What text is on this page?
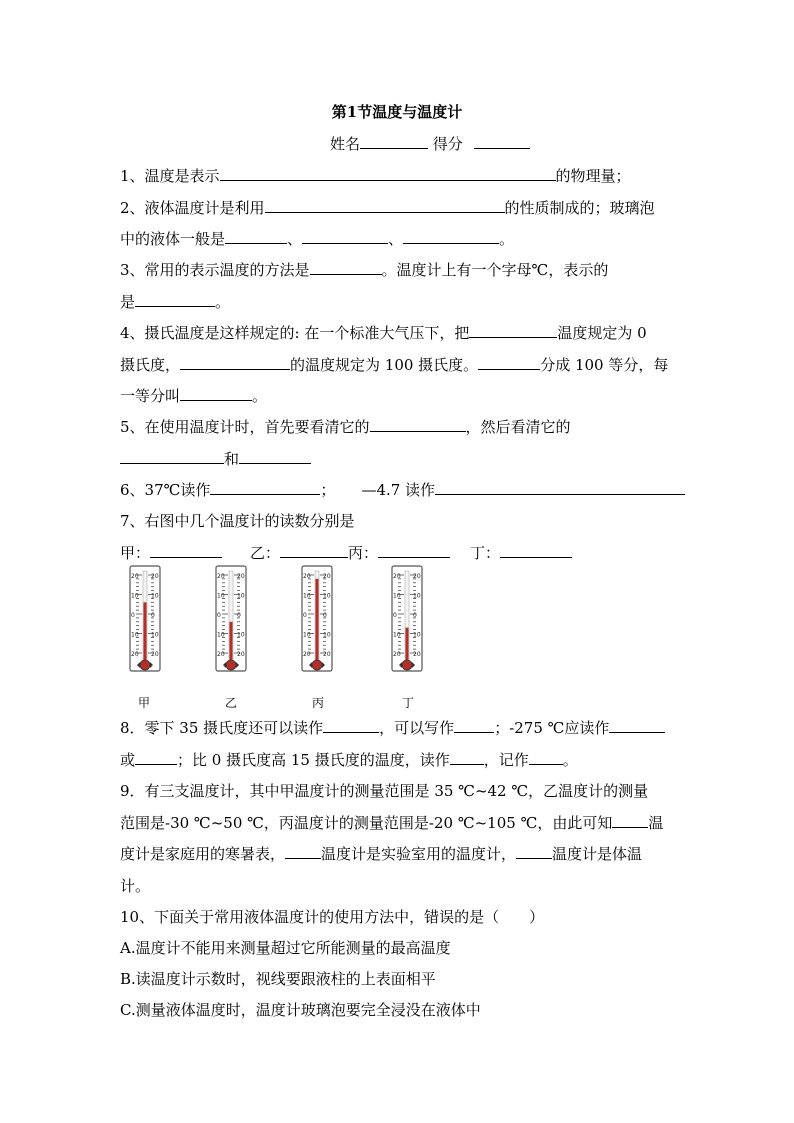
第1节温度与温度计
姓名	得分
1、温度是表示	的物理量；
2、液体温度计是利用	的性质制成的；玻璃泡
中的液体一般是	、	、	。
3、常用的表示温度的方法是	。温度计上有一个字母℃，表示的
是	。
4、摄氏温度是这样规定的: 在一个标准大气压下，把	温度规定为 0
摄氏度，	的温度规定为 100 摄氏度。	分成 100 等分，每
一等分叫	。
5、在使用温度计时，首先要看清它的	，然后看清它的
和
6、37℃读作	； —4.7 读作
7、右图中几个温度计的读数分别是
甲：	乙：	丙：	丁：
20 20
10 10
0	0
10 10
20 20
20 20
10 10
0	0
10 10
20 20
20 20
10 10
0	0
10 10
20 20
20 20
10 10
0	0
10 10
20 20
甲	乙	丙	丁
8．零下 35 摄氏度还可以读作	，可以写作	；-275 ℃应读作
或	；比 0 摄氏度高 15 摄氏度的温度，读作 ，记作 。
9．有三支温度计，其中甲温度计的测量范围是 35 ℃~42 ℃，乙温度计的测量
范围是-30 ℃~50 ℃，丙温度计的测量范围是-20 ℃~105 ℃，由此可知 温
度计是家庭用的寒暑表， 温度计是实验室用的温度计， 温度计是体温
计。
10、下面关于常用液体温度计的使用方法中，错误的是（　　）
A.温度计不能用来测量超过它所能测量的最高温度
B.读温度计示数时，视线要跟液柱的上表面相平
C.测量液体温度时，温度计玻璃泡要完全浸没在液体中
